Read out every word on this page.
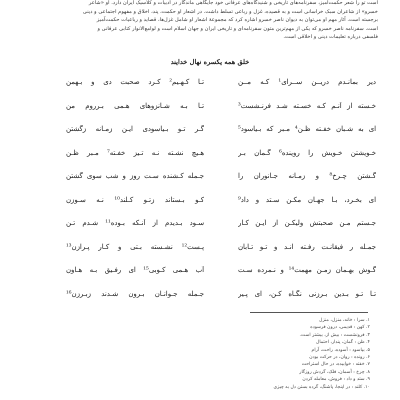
است تو را شعر حکمت‌آمیز، سفرنامه‌های تاریخی و شنیدگاه‌های عرفانی خود جایگاهی ماندگار در ادبیات و کلاسیک ایران دارد. او «شاعر

خسرو» از شاعران سبک خراسانی است و به قصیده، غزل و رباعی تسلط داشت. در اشعار او حکمت، پند، اخلاق و مفهوم اجتماعی و دینی

برجسته است. آثار مهم او می‌توان به دیوان ناصر خسرو اشاره کرد که مجموعهٔ اشعار او شامل غزل‌ها، قصاید و رباعیات حکمت‌آمیز

است. سفرنامه ناصر خسرو که یکی از مهم‌ترین متون سفرنامه‌ای و تاریخی ایران و جهان اسلام است و لوامع‌الانوار کتابی عرفانی و

فلسفی درباره تعلیمات دینی و اخلاقی است.

خلق همه یکسره نهال خدایند
دیر بمانـدم دریــن ســرای¹ کـه مــن
تـا کـهـیم² کـرد صحبت دی و بـهمن
خـسته از آنـم کـه خسـته شـد فرنـشست³
تـا بـه شـانزوهای هـمی بـرروم من
ای به شـبان خفـته ظـن⁴ مـبر که بـیاسود⁵
گـر تـو بـیاسودی ایـن زمـانه زگشتن
خـویشتن خـویش را روینده⁶ گـمان بـر
هـیچ نشـته نـه تـیز خفـته⁷ مـبر ظـن
گـشتن چـرخ⁸ و زمـانه جـانوران را
جـمله کـشنده سـت روز و شب سوی گشتن
ای بخـرد، بـا جهـان مکـن سـتد و داد⁹
کـو بـستاند زتـو کـلند¹⁰ نـه سـوزن
جـستم مـن صحبتش ولیکـن از ایـن کـار
سـود بـدیدم از آنـکه بـوده¹¹ شـدم تـن
جمـله ر فیقانـت رفـته انـد و تـو تـابان
پـست¹² نشـسته بـتی و کـار پـرازن¹³
گـوش بهـمان زمـن مهمت¹⁴ و نـمرده سـت
آب هـمی کـوبی¹⁵ ای رفـیق بـه هـاون
تـا تـو بـدین بـرزنی نگـاه کـن، ای پـیر
جـمله جـوانـان بـرون شـدند زبـرزن¹⁶
۱. سرا : خانه، منزل، منزل
۲. کهن : قدیمی، درون فرسوده
۳. فرونشست : بیش از، بیشتر است.
۴. ظن : گمان، پندار، احتمال
۵. بیاسود : آسوده، راحت، آرام
۶. رونده : روان، در حرکت بودن
۷. خفته : خوابیده، در حال استراحت
۸. چرخ : آسمان، فلک، گردش روزگار
۹. ستد و داد : فروش، معامله کردن
۱۰. کلند : در اینجا، پاشنگ، گرده بستن دل به چیزی
